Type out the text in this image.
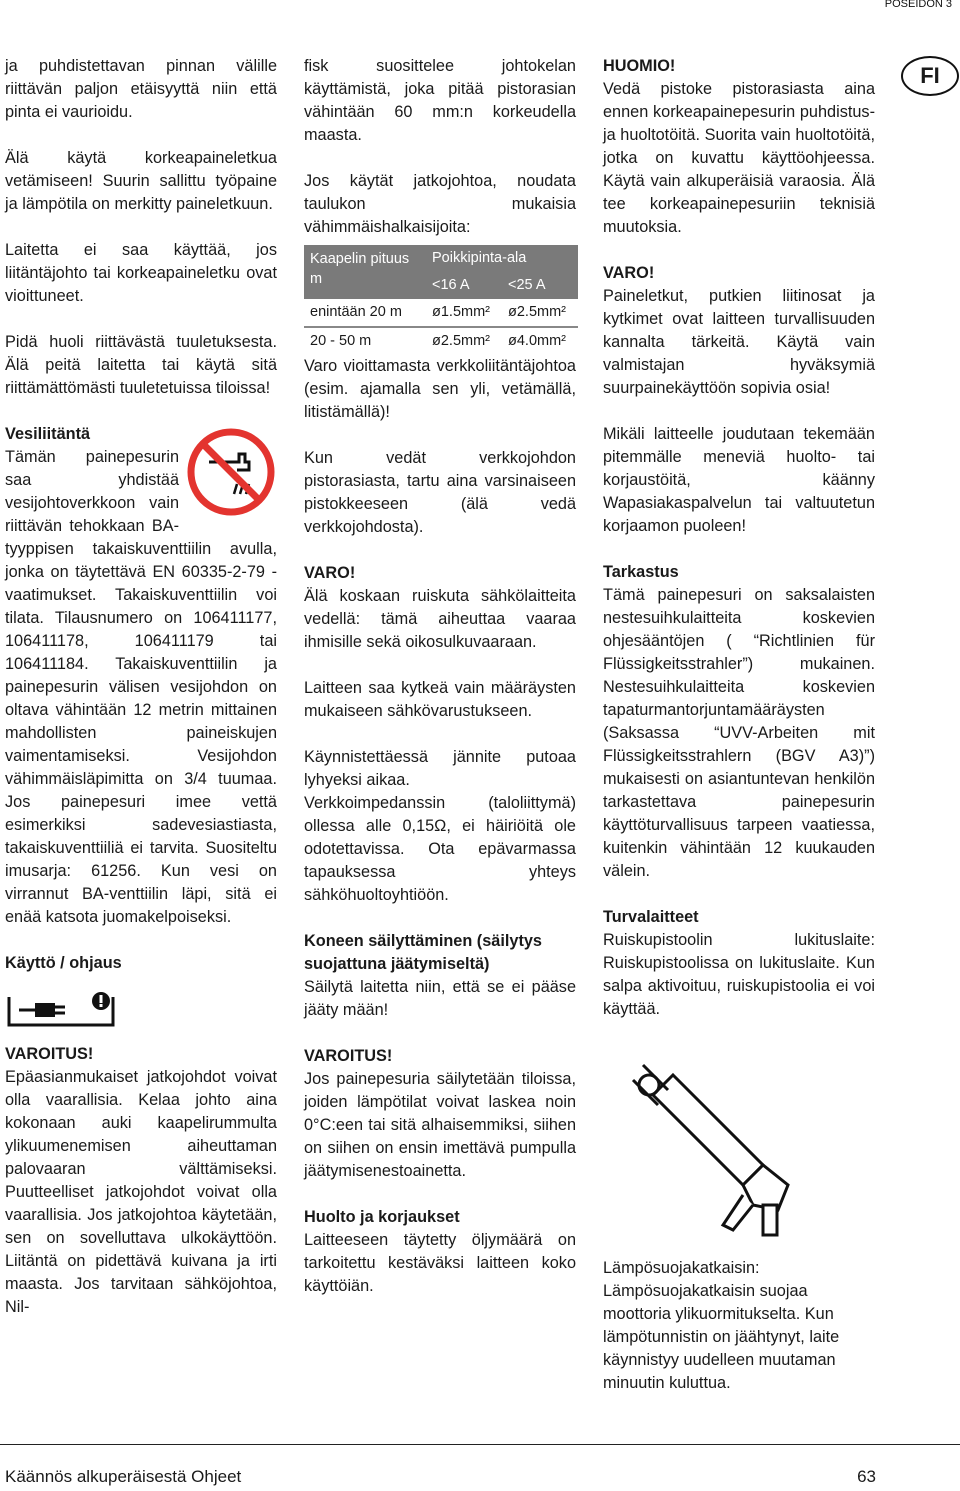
POSEIDON 3
FI

ja puhdistettavan pinnan välille riittävän paljon etäisyyttä niin että pinta ei vaurioidu.

Älä käytä korkeapaineletkua vetämiseen! Suurin sallittu työpaine ja lämpötila on merkitty paineletkuun.

Laitetta ei saa käyttää, jos liitäntäjohto tai korkeapaineletku ovat vioittuneet.

Pidä huoli riittävästä tuuletuksesta. Älä peitä laitetta tai käytä sitä riittämättömästi tuuletetuissa tiloissa!

Vesiliitäntä

Tämän painepesurin saa yhdistää vesijohtoverkkoon vain riittävän tehokkaan BA-tyyppisen takaiskuventtiilin avulla, jonka on täytettävä EN 60335-2-79 -vaatimukset. Takaiskuventtiilin voi tilata. Tilausnumero on 106411177, 106411178, 106411179 tai 106411184. Takaiskuventtiilin ja painepesurin välisen vesijohdon on oltava vähintään 12 metrin mittainen mahdollisten paineiskujen vaimentamiseksi. Vesijohdon vähimmäisläpimitta on 3/4 tuumaa. Jos painepesuri imee vettä esimerkiksi sadevesiastiasta, takaiskuventtiiliä ei tarvita. Suositeltu imusarja: 61256. Kun vesi on virrannut BA-venttiilin läpi, sitä ei enää katsota juomakelpoiseksi.

Käyttö / ohjaus
VAROITUS!

Epäasianmukaiset jatkojohdot voivat olla vaarallisia. Kelaa johto aina kokonaan auki kaapelirummulta ylikuumenemisen aiheuttaman palovaaran välttämiseksi. Puutteelliset jatkojohdot voivat olla vaarallisia. Jos jatkojohtoa käytetään, sen on sovelluttava ulkokäyttöön. Liitäntä on pidettävä kuivana ja irti maasta. Jos tarvitaan sähköjohtoa, Nil-

fisk suosittelee johtokelan käyttämistä, joka pitää pistorasian vähintään 60 mm:n korkeudella maasta.

Jos käytät jatkojohtoa, noudata taulukon mukaisia vähimmäishalkaisijoita:

Kaapelin pituus m	Poikkipinta-ala	
	<16 A	<25 A
enintään 20 m	ø1.5mm²	ø2.5mm²
20 - 50 m	ø2.5mm²	ø4.0mm²

Varo vioittamasta verkkoliitäntäjohtoa (esim. ajamalla sen yli, vetämällä, litistämällä)!

Kun vedät verkkojohdon pistorasiasta, tartu aina varsinaiseen pistokkeeseen (älä vedä verkkojohdosta).

VARO!

Älä koskaan ruiskuta sähkölaitteita vedellä: tämä aiheuttaa vaaraa ihmisille sekä oikosulkuvaaraan.

Laitteen saa kytkeä vain määräysten mukaiseen sähkövarustukseen.

Käynnistettäessä jännite putoaa lyhyeksi aikaa.

Verkkoimpedanssin (taloliittymä) ollessa alle 0,15Ω, ei häiriöitä ole odotettavissa. Ota epävarmassa tapauksessa yhteys sähköhuoltoyhtiöön.

Koneen säilyttäminen (säilytys suojattuna jäätymiseltä)

Säilytä laitetta niin, että se ei pääse jääty mään!

VAROITUS!

Jos painepesuria säilytetään tiloissa, joiden lämpötilat voivat laskea noin 0°C:een tai sitä alhaisemmiksi, siihen on siihen on ensin imettävä pumpulla jäätymisenestoainetta.

Huolto ja korjaukset

Laitteeseen täytetty öljymäärä on tarkoitettu kestäväksi laitteen koko käyttöiän.

HUOMIO!

Vedä pistoke pistorasiasta aina ennen korkeapainepesurin puhdistus- ja huoltotöitä. Suorita vain huoltotöitä, jotka on kuvattu käyttöohjeessa. Käytä vain alkuperäisiä varaosia. Älä tee korkeapainepesuriin teknisiä muutoksia.

VARO!

Paineletkut, putkien liitinosat ja kytkimet ovat laitteen turvallisuuden kannalta tärkeitä. Käytä vain valmistajan hyväksymiä suurpainekäyttöön sopivia osia!

Mikäli laitteelle joudutaan tekemään pitemmälle meneviä huolto- tai korjaustöitä, käänny Wapasiakaspalvelun tai valtuutetun korjaamon puoleen!

Tarkastus

Tämä painepesuri on saksalaisten nestesuihkulaitteita koskevien ohjesääntöjen ( “Richtlinien für Flüssigkeitsstrahler”) mukainen. Nestesuihkulaitteita koskevien tapaturmantorjuntamääräysten (Saksassa “UVV-Arbeiten mit Flüssigkeitsstrahlern (BGV A3)”) mukaisesti on asiantuntevan henkilön tarkastettava painepesurin käyttöturvallisuus tarpeen vaatiessa, kuitenkin vähintään 12 kuukauden välein.

Turvalaitteet

Ruiskupistoolin lukituslaite: Ruiskupistoolissa on lukituslaite. Kun salpa aktivoituu, ruiskupistoolia ei voi käyttää.

Lämpösuojakatkaisin: Lämpösuojakatkaisin suojaa moottoria ylikuormitukselta. Kun lämpötunnistin on jäähtynyt, laite käynnistyy uudelleen muutaman minuutin kuluttua.

Käännös alkuperäisestä Ohjeet	63
